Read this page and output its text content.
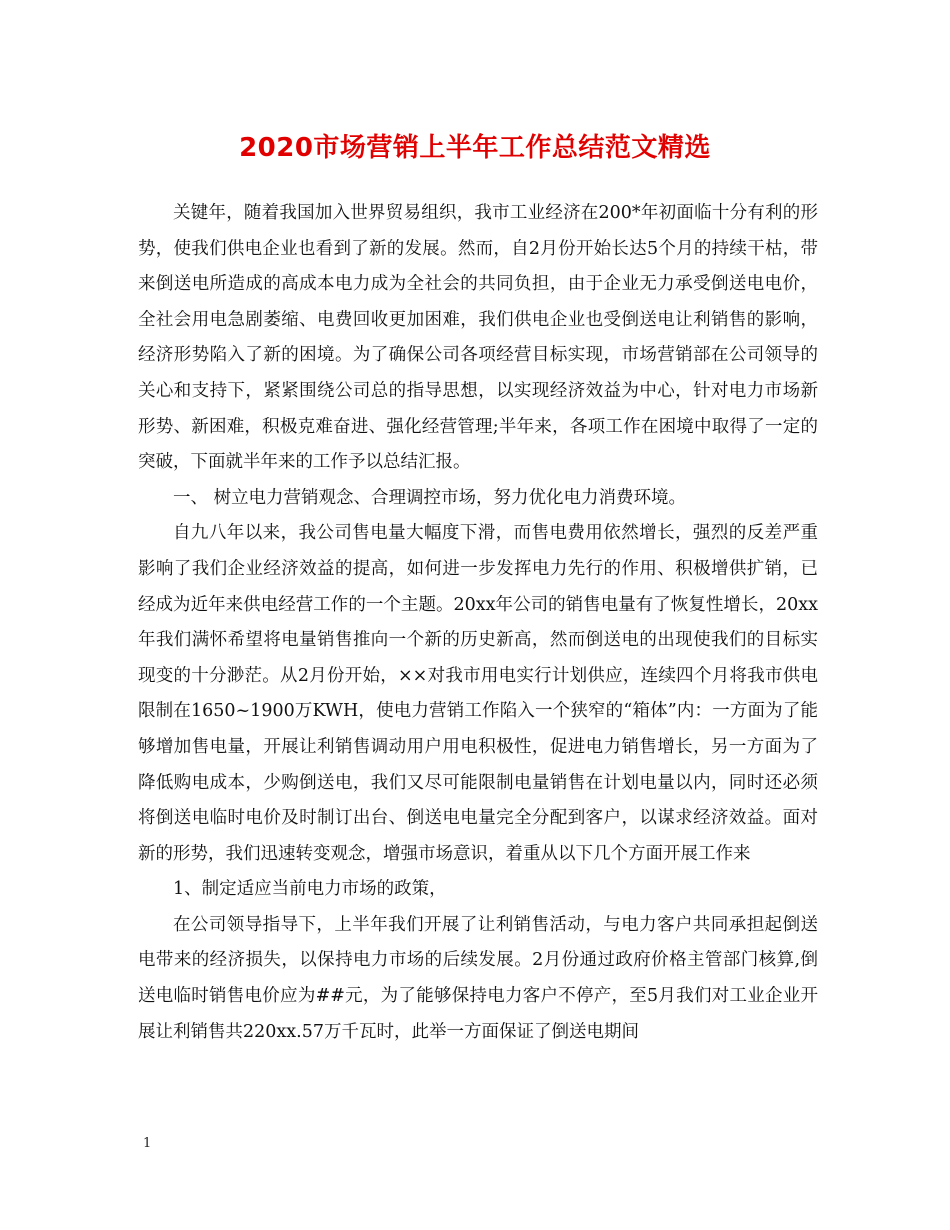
2020市场营销上半年工作总结范文精选

关键年，随着我国加入世界贸易组织，我市工业经济在200*年初面临十分有利的形势，使我们供电企业也看到了新的发展。然而，自2月份开始长达5个月的持续干枯，带来倒送电所造成的高成本电力成为全社会的共同负担，由于企业无力承受倒送电电价，全社会用电急剧萎缩、电费回收更加困难，我们供电企业也受倒送电让利销售的影响，经济形势陷入了新的困境。为了确保公司各项经营目标实现，市场营销部在公司领导的关心和支持下，紧紧围绕公司总的指导思想，以实现经济效益为中心，针对电力市场新形势、新困难，积极克难奋进、强化经营管理;半年来，各项工作在困境中取得了一定的突破，下面就半年来的工作予以总结汇报。

一、 树立电力营销观念、合理调控市场，努力优化电力消费环境。

自九八年以来，我公司售电量大幅度下滑，而售电费用依然增长，强烈的反差严重影响了我们企业经济效益的提高，如何进一步发挥电力先行的作用、积极增供扩销，已经成为近年来供电经营工作的一个主题。20xx年公司的销售电量有了恢复性增长，20xx年我们满怀希望将电量销售推向一个新的历史新高，然而倒送电的出现使我们的目标实现变的十分渺茫。从2月份开始，××对我市用电实行计划供应，连续四个月将我市供电限制在1650~1900万KWH，使电力营销工作陷入一个狭窄的“箱体”内：一方面为了能够增加售电量，开展让利销售调动用户用电积极性，促进电力销售增长，另一方面为了降低购电成本，少购倒送电，我们又尽可能限制电量销售在计划电量以内，同时还必须将倒送电临时电价及时制订出台、倒送电电量完全分配到客户，以谋求经济效益。面对新的形势，我们迅速转变观念，增强市场意识，着重从以下几个方面开展工作来

1、制定适应当前电力市场的政策，

在公司领导指导下，上半年我们开展了让利销售活动，与电力客户共同承担起倒送电带来的经济损失，以保持电力市场的后续发展。2月份通过政府价格主管部门核算,倒送电临时销售电价应为##元，为了能够保持电力客户不停产，至5月我们对工业企业开展让利销售共220xx.57万千瓦时，此举一方面保证了倒送电期间

1
